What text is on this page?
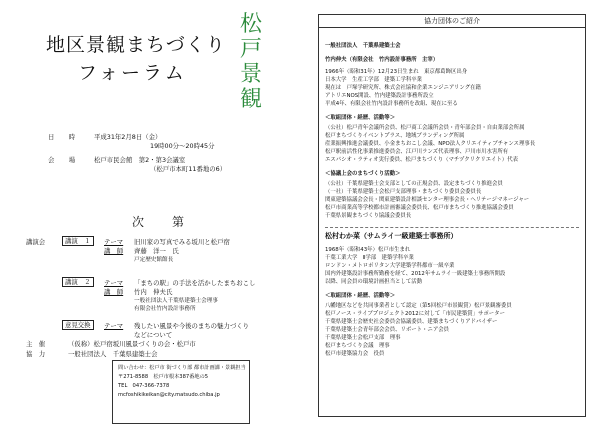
地区景観まちづくり
フォーラム
松
戸
景
観
日　時 平成31年2月8日（金）
19時00分～20時45分
会　場 松戸市民会館　第2・第3会議室
（松戸市本町11番地の6）
次　第
講演会	講演　１	テーマ 旧川家の写真でみる坂川と松戸宿
講　師 齊藤　洋一　氏
戸定歴史館館長
講演　２	テーマ 「まちの駅」の手法を活かしたまちおこし
講　師 竹内　伸夫氏
一般社団法人千葉県建築士会理事
有限会社竹内設計事務所
意見交換	テーマ 残したい風景や今後のまちの魅力づくり
などについて
主　催	（仮称）松戸宿坂川風景づくりの会・松戸市
協　力	一般社団法人　千葉県建築士会
問い合わせ：松戸市 街づくり部 都市計画課・景観担当
〒271-8588　松戸市根本387番地の5
TEL　047-366-7378
mcfoshikikeikan@city.matsudo.chiba.jp
協力団体のご紹介
一般社団法人　千葉県建築士会
竹内伸夫（有限会社　竹内設計事務所　主宰）
1966年（昭和31年）12月23日生まれ　東京都葛飾区出身
日本大学　生産工学部　建築工学科卒業
現在は　戸塚学研究所、株式会社協和企業エンジニアリング在籍
アトリエNOS開設、竹内建築設計事務所設立
平成4年、有限会社竹内設計事務所を改組、現在に至る
＜取組団体・経歴、活動等＞
（公社）松戸青年会議所会員、松戸商工会議所会員・青年部会員・自由業部会所属
松戸まちづくりイベントプラス、地域ブランディング所属
産業振興推進会議委員、小金まちおこし会議、NPO法人クリエイティブチャンス理事長
松戸駅前活性化事業推進委員会、江戸川ランズ代表理事、戸川市川水害所有
エスパシオ・ラティオ実行委員、松戸まちづくり（マチヅクリクリエイト）代表
＜協議上会のまちづくり活動＞
（公社）千葉県建築士会支部としての正規会員、設定まちづくり推進会員
（一社）千葉県建築士会松戸支部理事・まちづくり委員会委員長
関東建築協議会会長・関東建築設計相談センター理事会長・ヘリテージマネージャー
松戸市商業高等学校都市計画審議会委員長、松戸市まちづくり推進協議会委員
千葉県景観まちづくり協議会委員長
松村わか菜（サムライ一級建築士事務所）
1968年（昭和43年）松戸市生まれ
千葉工業大学　Ⅱ学部　建築学科卒業
ロンドン・メトロポリタン大学建築学科都市一級卒業
国内外建築設計事務所勤務を経て、2012年サムライ一級建築士事務所開設
以降、同会員の環境計画担当として活動
＜取組団体・経歴、活動等＞
八幡地区などを共同事業者として認定（第5回松戸市景観賞）松戸景観審委員
松戸ノース・ライブプロジェクト2012に対して「市民建築賞」サポーター
千葉県建築士会歴史社会委員会協議委員、建築まちづくりアドバイザー
千葉県建築士会青年部会会員、リボート・ニア会員
千葉県建築士会松戸支部　理事
松戸まちづくり会議　理事
松戸市建築協力会　役員
